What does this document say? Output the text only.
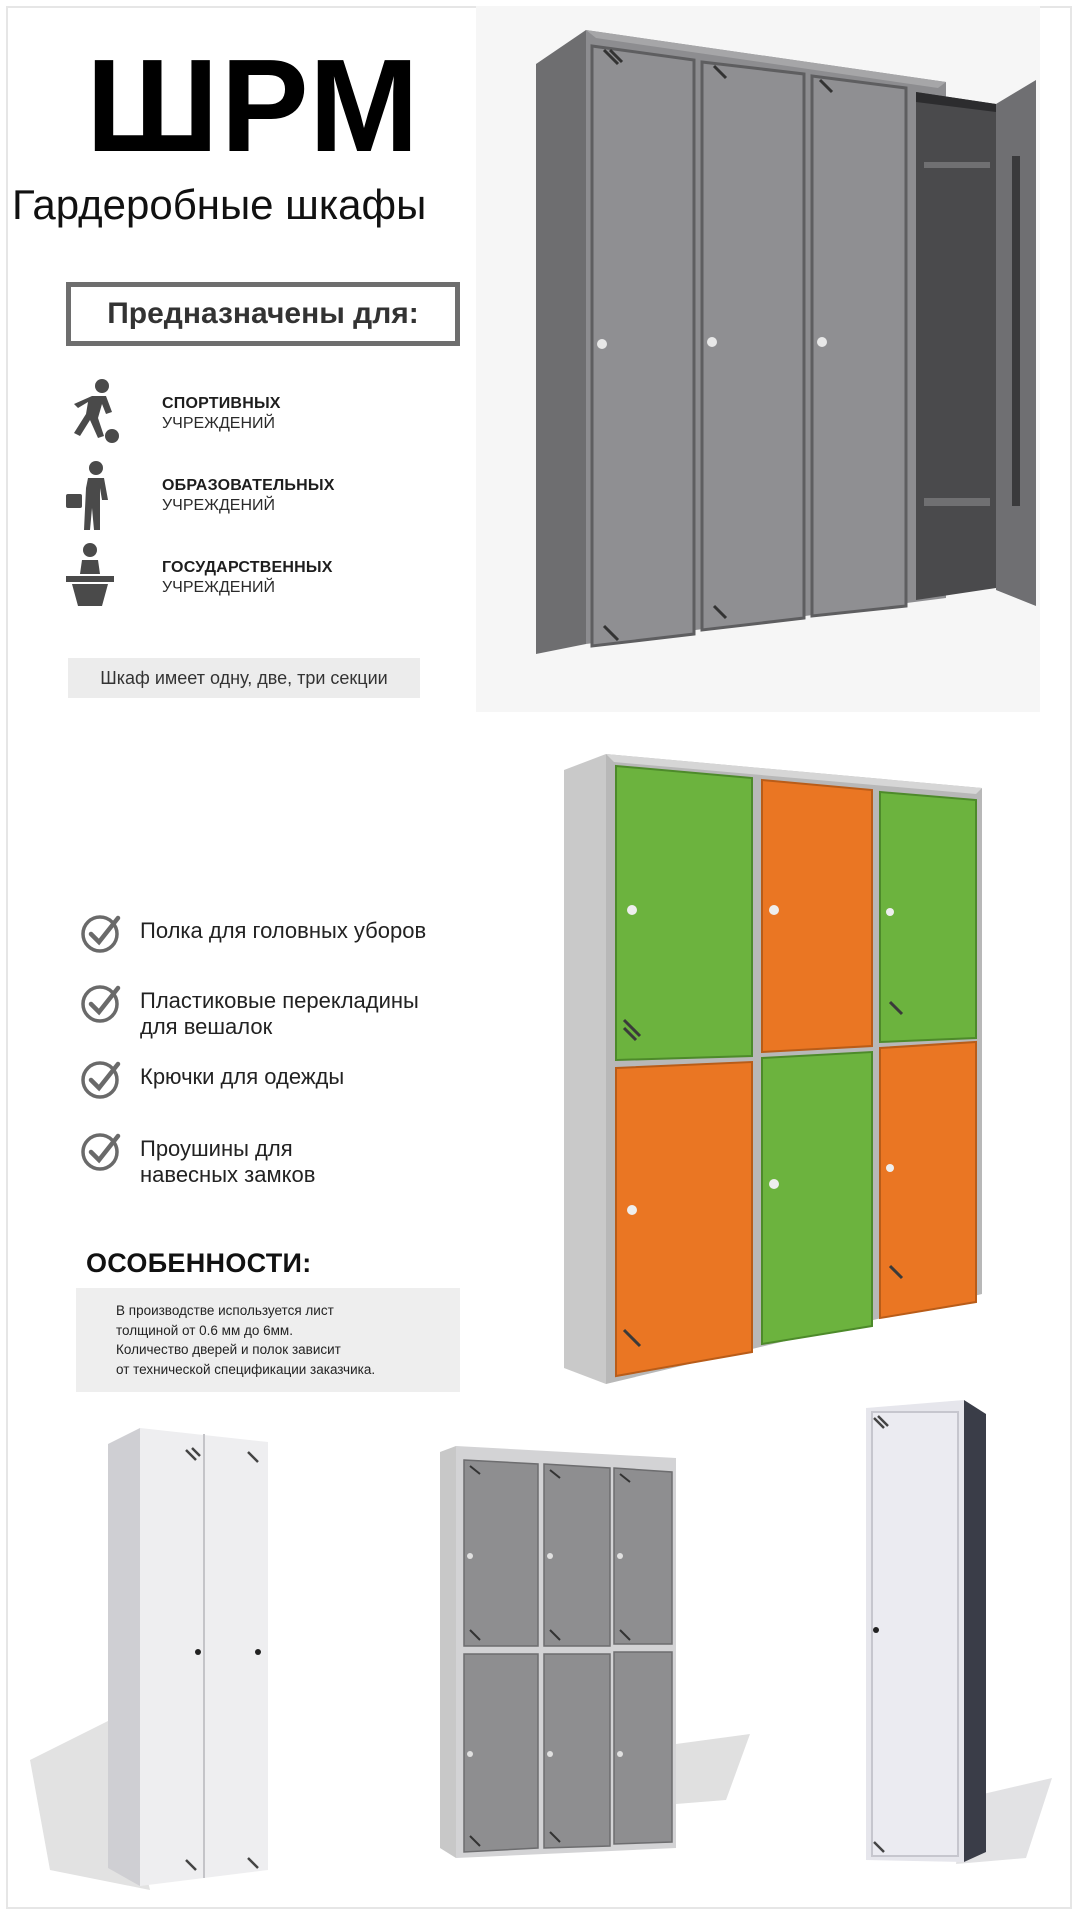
ШРМ
Гардеробные шкафы
Предназначены для:
СПОРТИВНЫХ
УЧРЕЖДЕНИЙ
ОБРАЗОВАТЕЛЬНЫХ
УЧРЕЖДЕНИЙ
ГОСУДАРСТВЕННЫХ
УЧРЕЖДЕНИЙ
Шкаф имеет одну, две, три секции
Полка для головных уборов
Пластиковые перекладины
для вешалок
Крючки для одежды
Проушины для
навесных замков
ОСОБЕННОСТИ:
В производстве используется лист
толщиной от 0.6 мм до 6мм.
Количество дверей и полок зависит
от технической спецификации заказчика.
